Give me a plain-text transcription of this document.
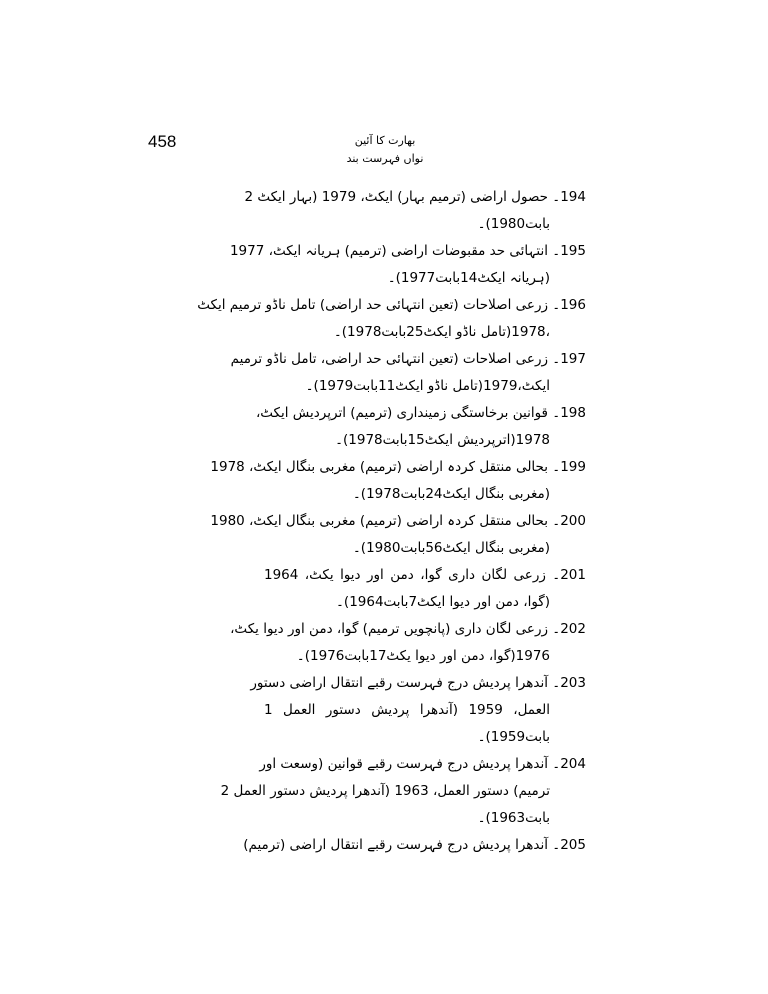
458	بھارت کا آئین
نواں فہرست بند
194۔ حصول اراضی (ترمیم بہار) ایکٹ، 1979 (بہار ایکٹ 2
بابت1980)۔
195۔ انتہائی حد مقبوضات اراضی (ترمیم) ہریانہ ایکٹ، 1977
(ہریانہ ایکٹ14بابت1977)۔
196۔ زرعی اصلاحات (تعین انتہائی حد اراضی) تامل ناڈو ترمیم ایکٹ
،1978(تامل ناڈو ایکٹ25بابت1978)۔
197۔ زرعی اصلاحات (تعین انتہائی حد اراضی، تامل ناڈو ترمیم
ایکٹ،1979(تامل ناڈو ایکٹ11بابت1979)۔
198۔ قوانین برخاستگی زمینداری (ترمیم) اترپردیش ایکٹ،
1978(اترپردیش ایکٹ15بابت1978)۔
199۔ بحالی منتقل کردہ اراضی (ترمیم) مغربی بنگال ایکٹ، 1978
(مغربی بنگال ایکٹ24بابت1978)۔
200۔ بحالی منتقل کردہ اراضی (ترمیم) مغربی بنگال ایکٹ، 1980
(مغربی بنگال ایکٹ56بابت1980)۔
201۔ زرعی لگان داری گوا، دمن اور دیوا یکٹ، 1964
(گوا، دمن اور دیوا ایکٹ7بابت1964)۔
202۔ زرعی لگان داری (پانچویں ترمیم) گوا، دمن اور دیوا یکٹ،
1976(گوا، دمن اور دیوا یکٹ17بابت1976)۔
203۔ آندھرا پردیش درج فہرست رقبے انتقال اراضی دستور
العمل، 1959 (آندھرا پردیش دستور العمل 1
بابت1959)۔
204۔ آندھرا پردیش درج فہرست رقبے قوانین (وسعت اور
ترمیم) دستور العمل، 1963 (آندھرا پردیش دستور العمل 2
بابت1963)۔
205۔ آندھرا پردیش درج فہرست رقبے انتقال اراضی (ترمیم)
